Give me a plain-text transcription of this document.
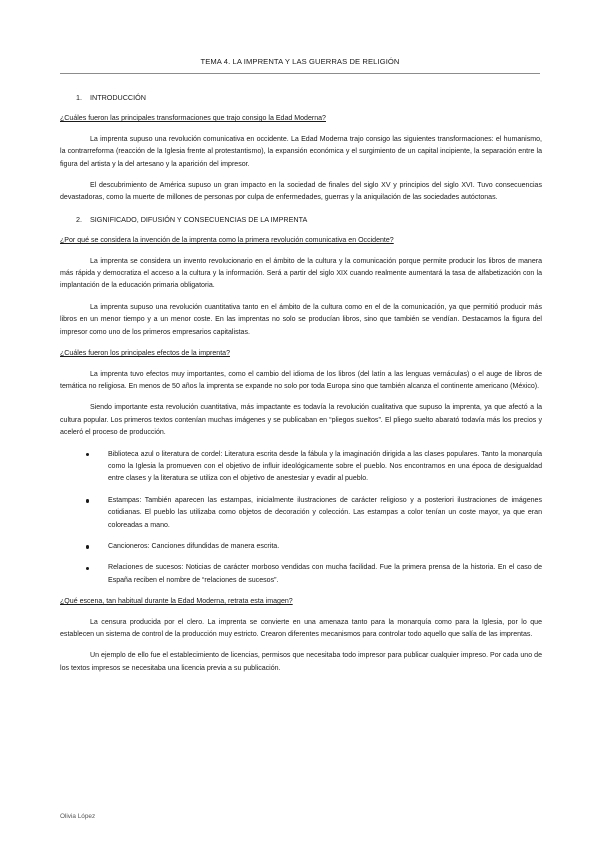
TEMA 4. LA IMPRENTA Y LAS GUERRAS DE RELIGIÓN
1. INTRODUCCIÓN
¿Cuáles fueron las principales transformaciones que trajo consigo la Edad Moderna?

La imprenta supuso una revolución comunicativa en occidente. La Edad Moderna trajo consigo las siguientes transformaciones: el humanismo, la contrarreforma (reacción de la Iglesia frente al protestantismo), la expansión económica y el surgimiento de un capital incipiente, la separación entre la figura del artista y la del artesano y la aparición del impresor.

El descubrimiento de América supuso un gran impacto en la sociedad de finales del siglo XV y principios del siglo XVI. Tuvo consecuencias devastadoras, como la muerte de millones de personas por culpa de enfermedades, guerras y la aniquilación de las sociedades autóctonas.

2. SIGNIFICADO, DIFUSIÓN Y CONSECUENCIAS DE LA IMPRENTA
¿Por qué se considera la invención de la imprenta como la primera revolución comunicativa en Occidente?

La imprenta se considera un invento revolucionario en el ámbito de la cultura y la comunicación porque permite producir los libros de manera más rápida y democratiza el acceso a la cultura y la información. Será a partir del siglo XIX cuando realmente aumentará la tasa de alfabetización con la implantación de la educación primaria obligatoria.

La imprenta supuso una revolución cuantitativa tanto en el ámbito de la cultura como en el de la comunicación, ya que permitió producir más libros en un menor tiempo y a un menor coste. En las imprentas no solo se producían libros, sino que también se vendían. Destacamos la figura del impresor como uno de los primeros empresarios capitalistas.

¿Cuáles fueron los principales efectos de la imprenta?

La imprenta tuvo efectos muy importantes, como el cambio del idioma de los libros (del latín a las lenguas vernáculas) o el auge de libros de temática no religiosa. En menos de 50 años la imprenta se expande no solo por toda Europa sino que también alcanza el continente americano (México).

Siendo importante esta revolución cuantitativa, más impactante es todavía la revolución cualitativa que supuso la imprenta, ya que afectó a la cultura popular. Los primeros textos contenían muchas imágenes y se publicaban en “pliegos sueltos”. El pliego suelto abarató todavía más los precios y aceleró el proceso de producción.

Biblioteca azul o literatura de cordel: Literatura escrita desde la fábula y la imaginación dirigida a las clases populares. Tanto la monarquía como la Iglesia la promueven con el objetivo de influir ideológicamente sobre el pueblo. Nos encontramos en una época de desigualdad entre clases y la literatura se utiliza con el objetivo de anestesiar y evadir al pueblo.
Estampas: También aparecen las estampas, inicialmente ilustraciones de carácter religioso y a posteriori ilustraciones de imágenes cotidianas. El pueblo las utilizaba como objetos de decoración y colección. Las estampas a color tenían un coste mayor, ya que eran coloreadas a mano.
Cancioneros: Canciones difundidas de manera escrita.
Relaciones de sucesos: Noticias de carácter morboso vendidas con mucha facilidad. Fue la primera prensa de la historia. En el caso de España reciben el nombre de “relaciones de sucesos”.
¿Qué escena, tan habitual durante la Edad Moderna, retrata esta imagen?

La censura producida por el clero. La imprenta se convierte en una amenaza tanto para la monarquía como para la Iglesia, por lo que establecen un sistema de control de la producción muy estricto. Crearon diferentes mecanismos para controlar todo aquello que salía de las imprentas.

Un ejemplo de ello fue el establecimiento de licencias, permisos que necesitaba todo impresor para publicar cualquier impreso. Por cada uno de los textos impresos se necesitaba una licencia previa a su publicación.

Olivia López
